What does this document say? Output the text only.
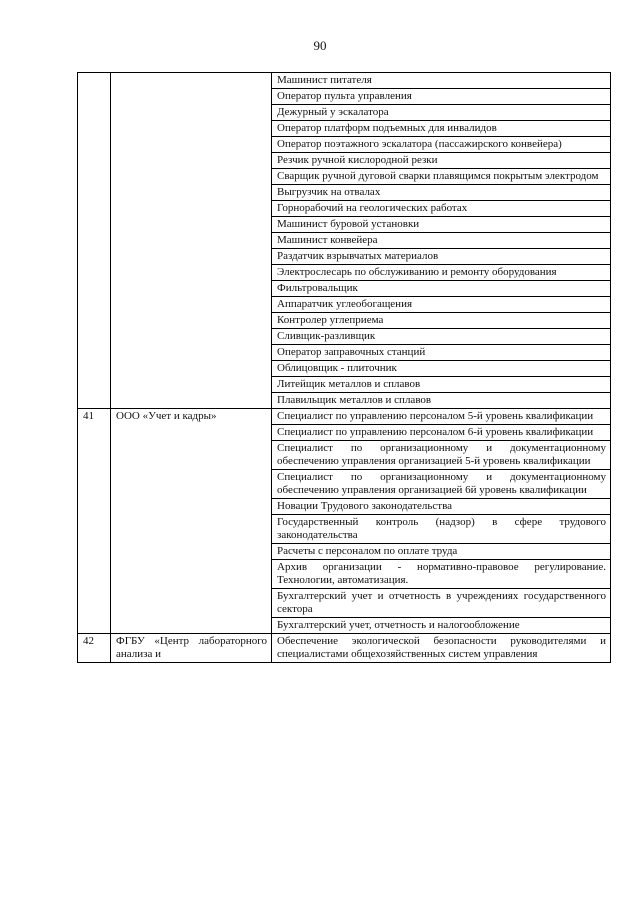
90
		Машинист питателя
		Оператор пульта управления
		Дежурный у эскалатора
		Оператор платформ подъемных для инвалидов
		Оператор поэтажного эскалатора (пассажирского конвейера)
		Резчик ручной кислородной резки
		Сварщик ручной дуговой сварки плавящимся покрытым электродом
		Выгрузчик на отвалах
		Горнорабочий на геологических работах
		Машинист буровой установки
		Машинист конвейера
		Раздатчик взрывчатых материалов
		Электрослесарь по обслуживанию и ремонту оборудования
		Фильтровальщик
		Аппаратчик углеобогащения
		Контролер углеприема
		Сливщик-разливщик
		Оператор заправочных станций
		Облицовщик - плиточник
		Литейщик металлов и сплавов
		Плавильщик металлов и сплавов
41	ООО «Учет и кадры»	Специалист по управлению персоналом 5-й уровень квалификации
		Специалист по управлению персоналом 6-й уровень квалификации
		Специалист по организационному и документационному обеспечению управления организацией 5-й уровень квалификации
		Специалист по организационному и документационному обеспечению управления организацией 6й уровень квалификации
		Новации Трудового законодательства
		Государственный контроль (надзор) в сфере трудового законодательства
		Расчеты с персоналом по оплате труда
		Архив организации - нормативно-правовое регулирование. Технологии, автоматизация.
		Бухгалтерский учет и отчетность в учреждениях государственного сектора
		Бухгалтерский учет, отчетность и налогообложение
42	ФГБУ «Центр лабораторного анализа и	Обеспечение экологической безопасности руководителями и специалистами общехозяйственных систем управления
